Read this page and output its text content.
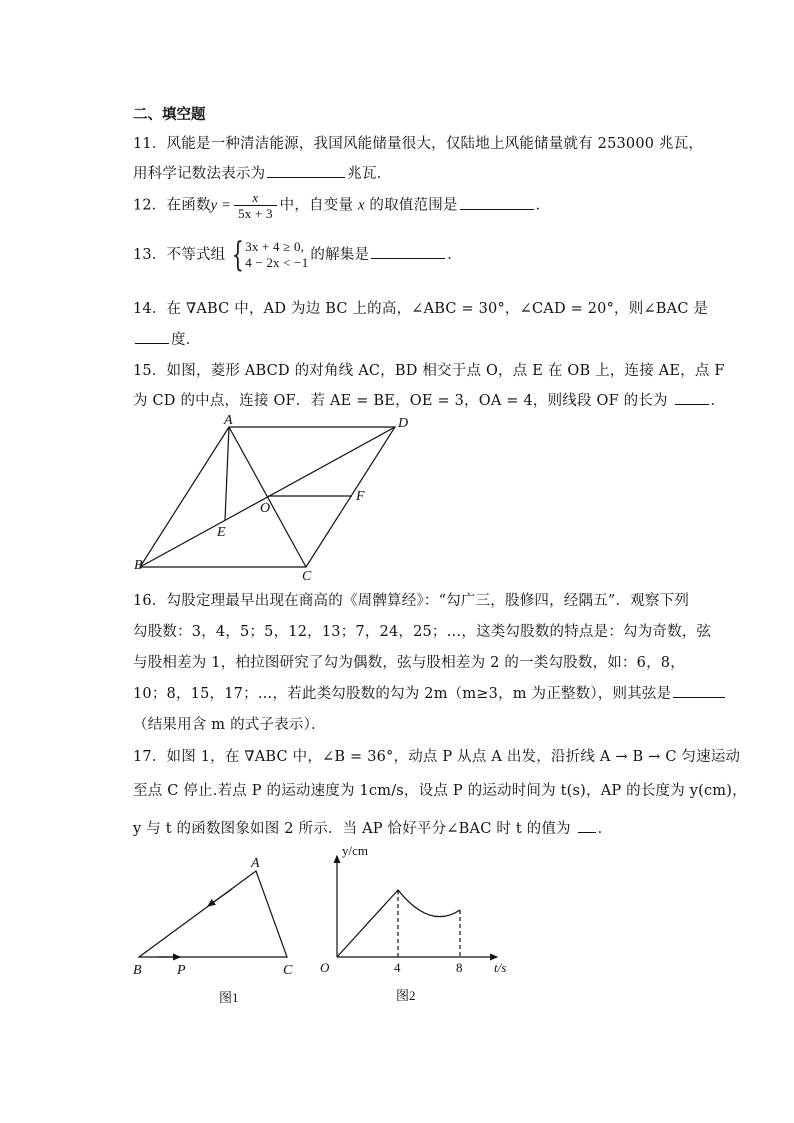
二、填空题
11．风能是一种清洁能源，我国风能储量很大，仅陆地上风能储量就有 253000 兆瓦，
用科学记数法表示为	兆瓦．
12．在函数$y = \frac{x}{5x + 3}$ 中，自变量 x 的取值范围是	．
13．不等式组 { 3x + 4 ≥ 0,
4 − 2x < −1 的解集是	．
14．在 ∇ABC 中，AD 为边 BC 上的高，∠ABC = 30°，∠CAD = 20°，则∠BAC 是
度．
15．如图，菱形 ABCD 的对角线 AC，BD 相交于点 O，点 E 在 OB 上，连接 AE，点 F
为 CD 的中点，连接 OF．若 AE = BE，OE = 3，OA = 4，则线段 OF 的长为	．
A	D
B
C
E
F
O
16．勾股定理最早出现在商高的《周髀算经》：“勾广三，股修四，经隅五”．观察下列
勾股数：3，4，5；5，12，13；7，24，25；…，这类勾股数的特点是：勾为奇数，弦
与股相差为 1，柏拉图研究了勾为偶数，弦与股相差为 2 的一类勾股数，如：6，8，
10；8，15，17；…，若此类勾股数的勾为 2m（m≥3，m 为正整数），则其弦是
（结果用含 m 的式子表示）．
17．如图 1，在 ∇ABC 中，∠B = 36°，动点 P 从点 A 出发，沿折线 A → B → C 匀速运动
至点 C 停止.若点 P 的运动速度为 1cm/s，设点 P 的运动时间为 t(s)，AP 的长度为 y(cm)，
y 与 t 的函数图象如图 2 所示．当 AP 恰好平分∠BAC 时 t 的值为 ．
A
B	C
P
图1
y/cm
t/s
O	4	8
图2
